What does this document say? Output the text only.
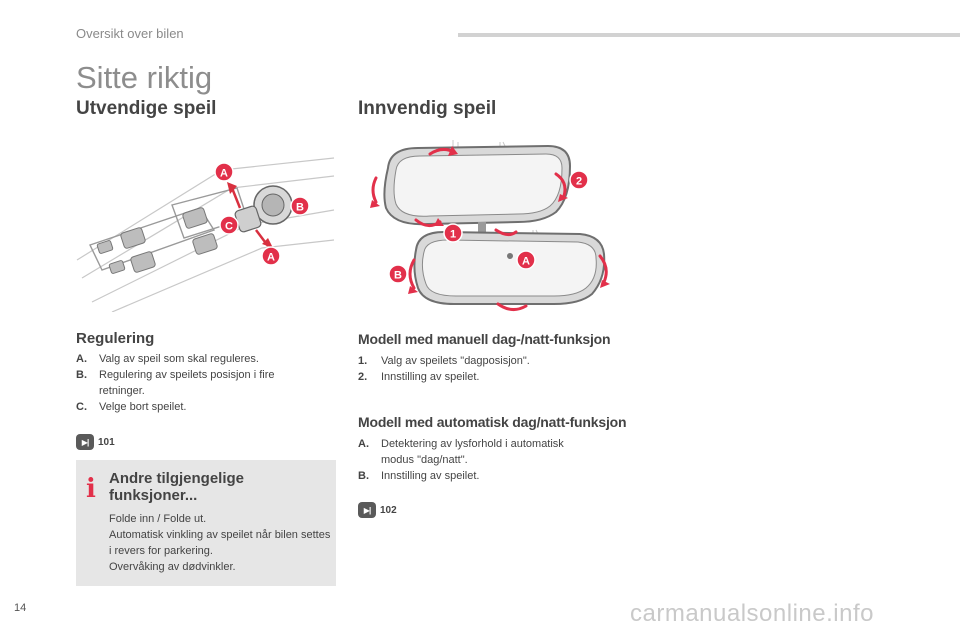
Oversikt over bilen
Sitte riktig
Utvendige speil
A
B
C
A
Regulering
A.	Valg av speil som skal reguleres.
B.	Regulering av speilets posisjon i fire retninger.
C.	Velge bort speilet.
▶| 101
i Andre tilgjengelige funksjoner...
Folde inn / Folde ut.
Automatisk vinkling av speilet når bilen settes i revers for parkering.
Overvåking av dødvinkler.
Innvendig speil
2
1
B
A
Modell med manuell dag-/natt-funksjon
1.	Valg av speilets "dagposisjon".
2.	Innstilling av speilet.
Modell med automatisk dag/natt-funksjon
A.	Detektering av lysforhold i automatisk modus "dag/natt".
B.	Innstilling av speilet.
▶| 102
14	carmanualsonline.info
